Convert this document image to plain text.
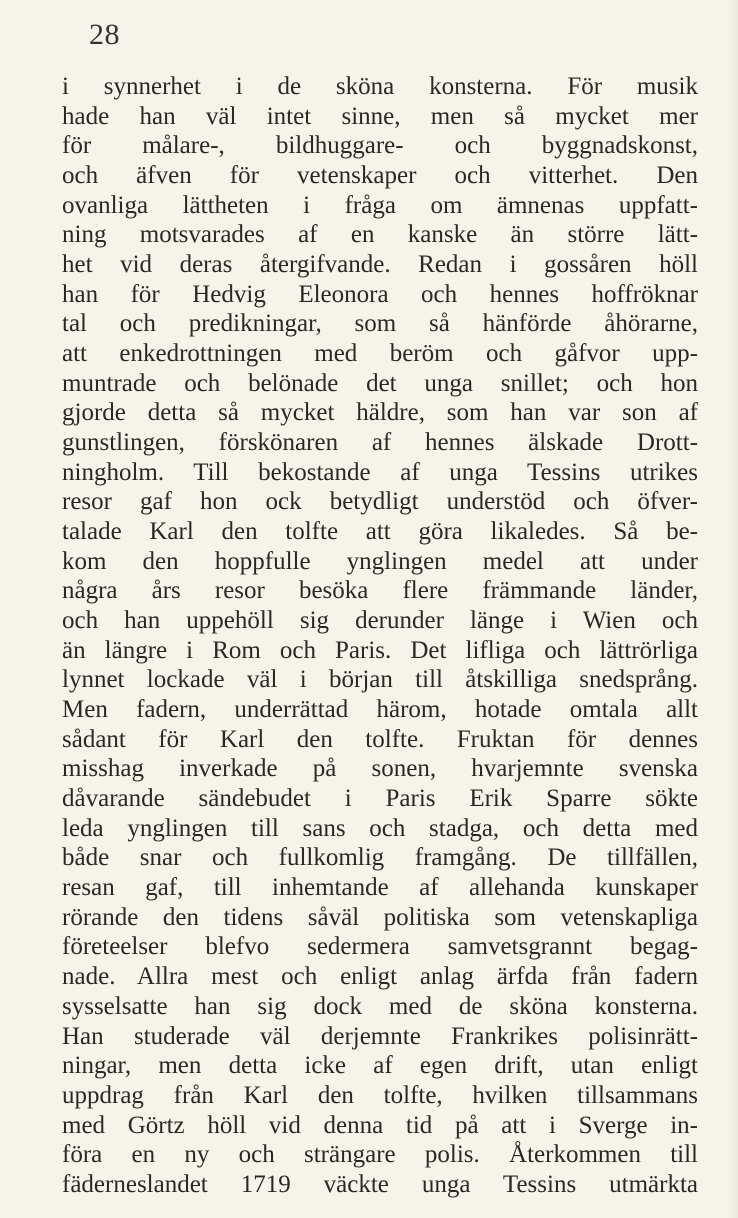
28
i synnerhet i de sköna konsterna. För musik
hade han väl intet sinne, men så mycket mer
för målare-, bildhuggare- och byggnadskonst,
och äfven för vetenskaper och vitterhet. Den
ovanliga lättheten i fråga om ämnenas uppfatt-
ning motsvarades af en kanske än större lätt-
het vid deras återgifvande. Redan i gossåren höll
han för Hedvig Eleonora och hennes hoffröknar
tal och predikningar, som så hänförde åhörarne,
att enkedrottningen med beröm och gåfvor upp-
muntrade och belönade det unga snillet; och hon
gjorde detta så mycket häldre, som han var son af
gunstlingen, förskönaren af hennes älskade Drott-
ningholm. Till bekostande af unga Tessins utrikes
resor gaf hon ock betydligt understöd och öfver-
talade Karl den tolfte att göra likaledes. Så be-
kom den hoppfulle ynglingen medel att under
några års resor besöka flere främmande länder,
och han uppehöll sig derunder länge i Wien och
än längre i Rom och Paris. Det lifliga och lättrörliga
lynnet lockade väl i början till åtskilliga snedsprång.
Men fadern, underrättad härom, hotade omtala allt
sådant för Karl den tolfte. Fruktan för dennes
misshag inverkade på sonen, hvarjemnte svenska
dåvarande sändebudet i Paris Erik Sparre sökte
leda ynglingen till sans och stadga, och detta med
både snar och fullkomlig framgång. De tillfällen,
resan gaf, till inhemtande af allehanda kunskaper
rörande den tidens såväl politiska som vetenskapliga
företeelser blefvo sedermera samvetsgrannt begag-
nade. Allra mest och enligt anlag ärfda från fadern
sysselsatte han sig dock med de sköna konsterna.
Han studerade väl derjemnte Frankrikes polisinrätt-
ningar, men detta icke af egen drift, utan enligt
uppdrag från Karl den tolfte, hvilken tillsammans
med Görtz höll vid denna tid på att i Sverge in-
föra en ny och strängare polis. Återkommen till
fäderneslandet 1719 väckte unga Tessins utmärkta
